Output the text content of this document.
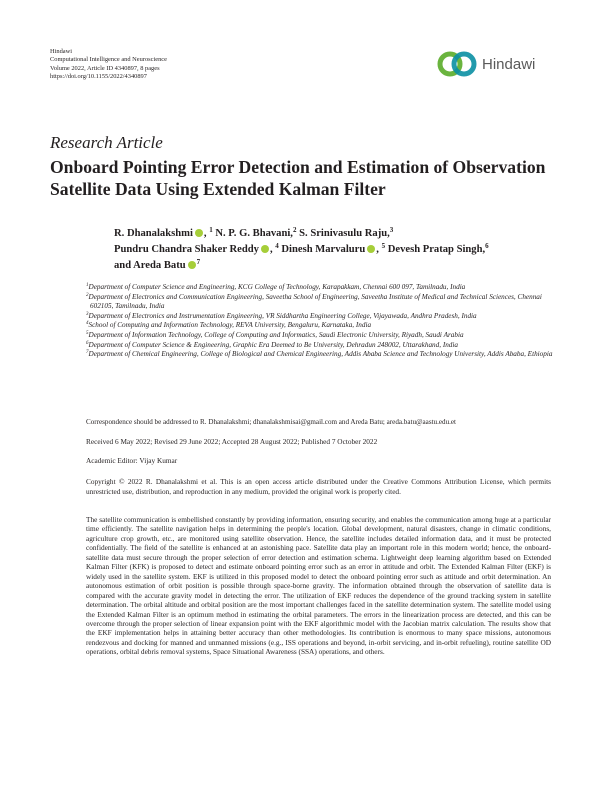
Hindawi
Computational Intelligence and Neuroscience
Volume 2022, Article ID 4340897, 8 pages
https://doi.org/10.1155/2022/4340897
Hindawi
Research Article
Onboard Pointing Error Detection and Estimation of Observation Satellite Data Using Extended Kalman Filter
R. Dhanalakshmi , $^1$ N. P. G. Bhavani,$^2$ S. Srinivasulu Raju,$^3$
Pundru Chandra Shaker Reddy , $^4$ Dinesh Marvaluru , $^5$ Devesh Pratap Singh,$^6$
and Areda Batu $^7$
$^1$Department of Computer Science and Engineering, KCG College of Technology, Karapakkam, Chennai 600 097, Tamilnadu, India
$^2$Department of Electronics and Communication Engineering, Saveetha School of Engineering, Saveetha Institute of Medical and Technical Sciences, Chennai 602105, Tamilnadu, India
$^3$Department of Electronics and Instrumentation Engineering, VR Siddhartha Engineering College, Vijayawada, Andhra Pradesh, India
$^4$School of Computing and Information Technology, REVA University, Bengaluru, Karnataka, India
$^5$Department of Information Technology, College of Computing and Informatics, Saudi Electronic University, Riyadh, Saudi Arabia
$^6$Department of Computer Science & Engineering, Graphic Era Deemed to Be University, Dehradun 248002, Uttarakhand, India
$^7$Department of Chemical Engineering, College of Biological and Chemical Engineering, Addis Ababa Science and Technology University, Addis Ababa, Ethiopia
Correspondence should be addressed to R. Dhanalakshmi; dhanalakshmisai@gmail.com and Areda Batu; areda.batu@aastu.edu.et
Received 6 May 2022; Revised 29 June 2022; Accepted 28 August 2022; Published 7 October 2022
Academic Editor: Vijay Kumar
Copyright © 2022 R. Dhanalakshmi et al. This is an open access article distributed under the Creative Commons Attribution License, which permits unrestricted use, distribution, and reproduction in any medium, provided the original work is properly cited.
The satellite communication is embellished constantly by providing information, ensuring security, and enables the communication among huge at a particular time efficiently. The satellite navigation helps in determining the people's location. Global development, natural disasters, change in climatic conditions, agriculture crop growth, etc., are monitored using satellite observation. Hence, the satellite includes detailed information data, and it must be protected confidentially. The field of the satellite is enhanced at an astonishing pace. Satellite data play an important role in this modern world; hence, the onboard-satellite data must secure through the proper selection of error detection and estimation schema. Lightweight deep learning algorithm based on Extended Kalman Filter (KFK) is proposed to detect and estimate onboard pointing error such as an error in attitude and orbit. The Extended Kalman Filter (EKF) is widely used in the satellite system. EKF is utilized in this proposed model to detect the onboard pointing error such as attitude and orbit determination. An autonomous estimation of orbit position is possible through space-borne gravity. The information obtained through the observation of satellite data is compared with the accurate gravity model in detecting the error. The utilization of EKF reduces the dependence of the ground tracking system in satellite determination. The orbital altitude and orbital position are the most important challenges faced in the satellite determination system. The satellite model using the Extended Kalman Filter is an optimum method in estimating the orbital parameters. The errors in the linearization process are detected, and this can be overcome through the proper selection of linear expansion point with the EKF algorithmic model with the Jacobian matrix calculation. The results show that the EKF implementation helps in attaining better accuracy than other methodologies. Its contribution is enormous to many space missions, autonomous rendezvous and docking for manned and unmanned missions (e.g., ISS operations and beyond, in-orbit servicing, and in-orbit refueling), routine satellite OD operations, orbital debris removal systems, Space Situational Awareness (SSA) operations, and others.
